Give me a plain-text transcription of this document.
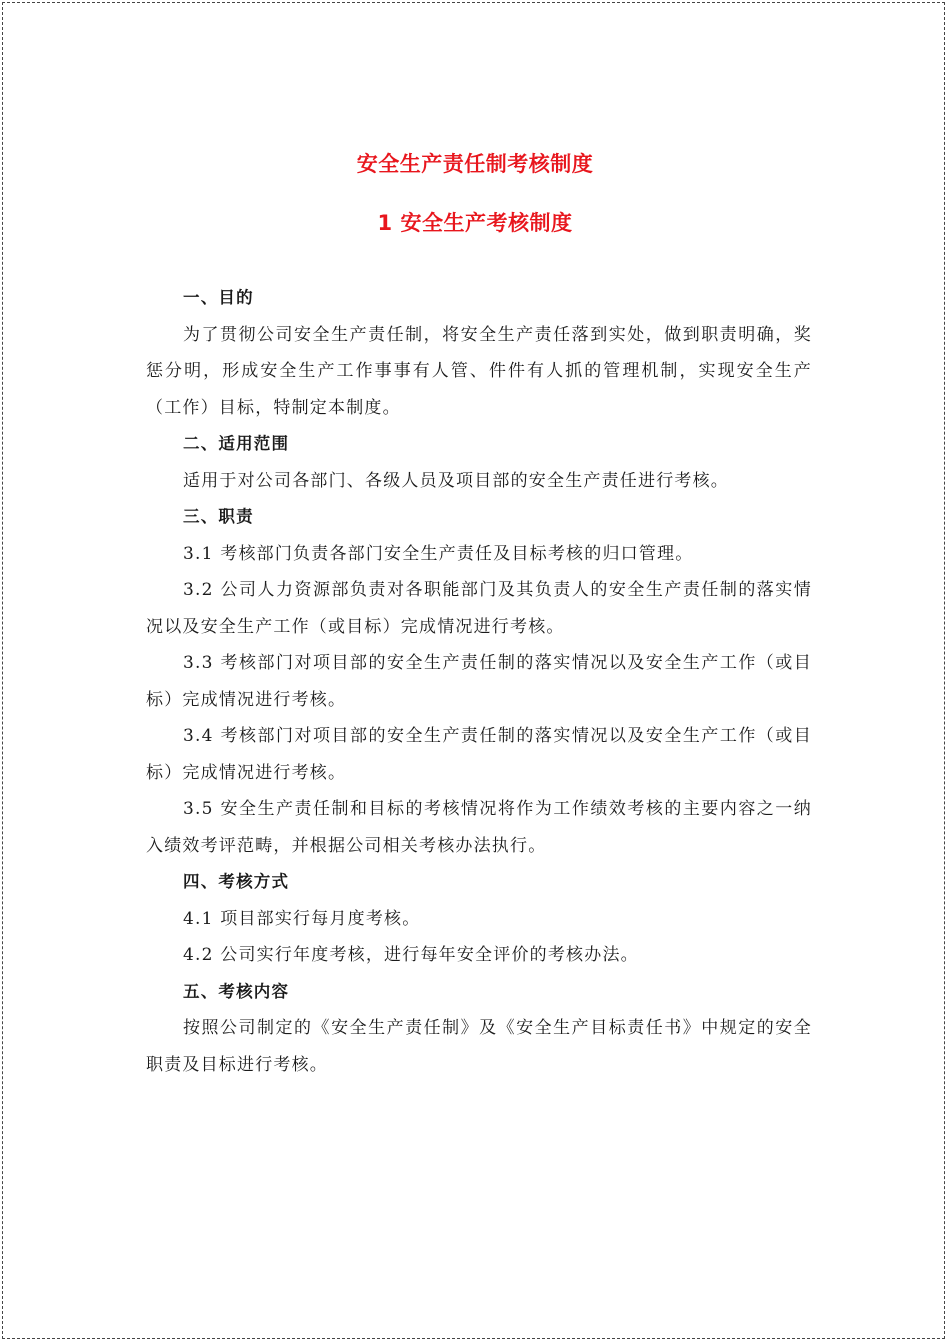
安全生产责任制考核制度
1 安全生产考核制度

一、目的

为了贯彻公司安全生产责任制，将安全生产责任落到实处，做到职责明确，奖惩分明，形成安全生产工作事事有人管、件件有人抓的管理机制，实现安全生产（工作）目标，特制定本制度。

二、适用范围

适用于对公司各部门、各级人员及项目部的安全生产责任进行考核。

三、职责

3.1 考核部门负责各部门安全生产责任及目标考核的归口管理。

3.2 公司人力资源部负责对各职能部门及其负责人的安全生产责任制的落实情况以及安全生产工作（或目标）完成情况进行考核。

3.3 考核部门对项目部的安全生产责任制的落实情况以及安全生产工作（或目标）完成情况进行考核。

3.4 考核部门对项目部的安全生产责任制的落实情况以及安全生产工作（或目标）完成情况进行考核。

3.5 安全生产责任制和目标的考核情况将作为工作绩效考核的主要内容之一纳入绩效考评范畴，并根据公司相关考核办法执行。

四、考核方式

4.1 项目部实行每月度考核。

4.2 公司实行年度考核，进行每年安全评价的考核办法。

五、考核内容

按照公司制定的《安全生产责任制》及《安全生产目标责任书》中规定的安全职责及目标进行考核。
